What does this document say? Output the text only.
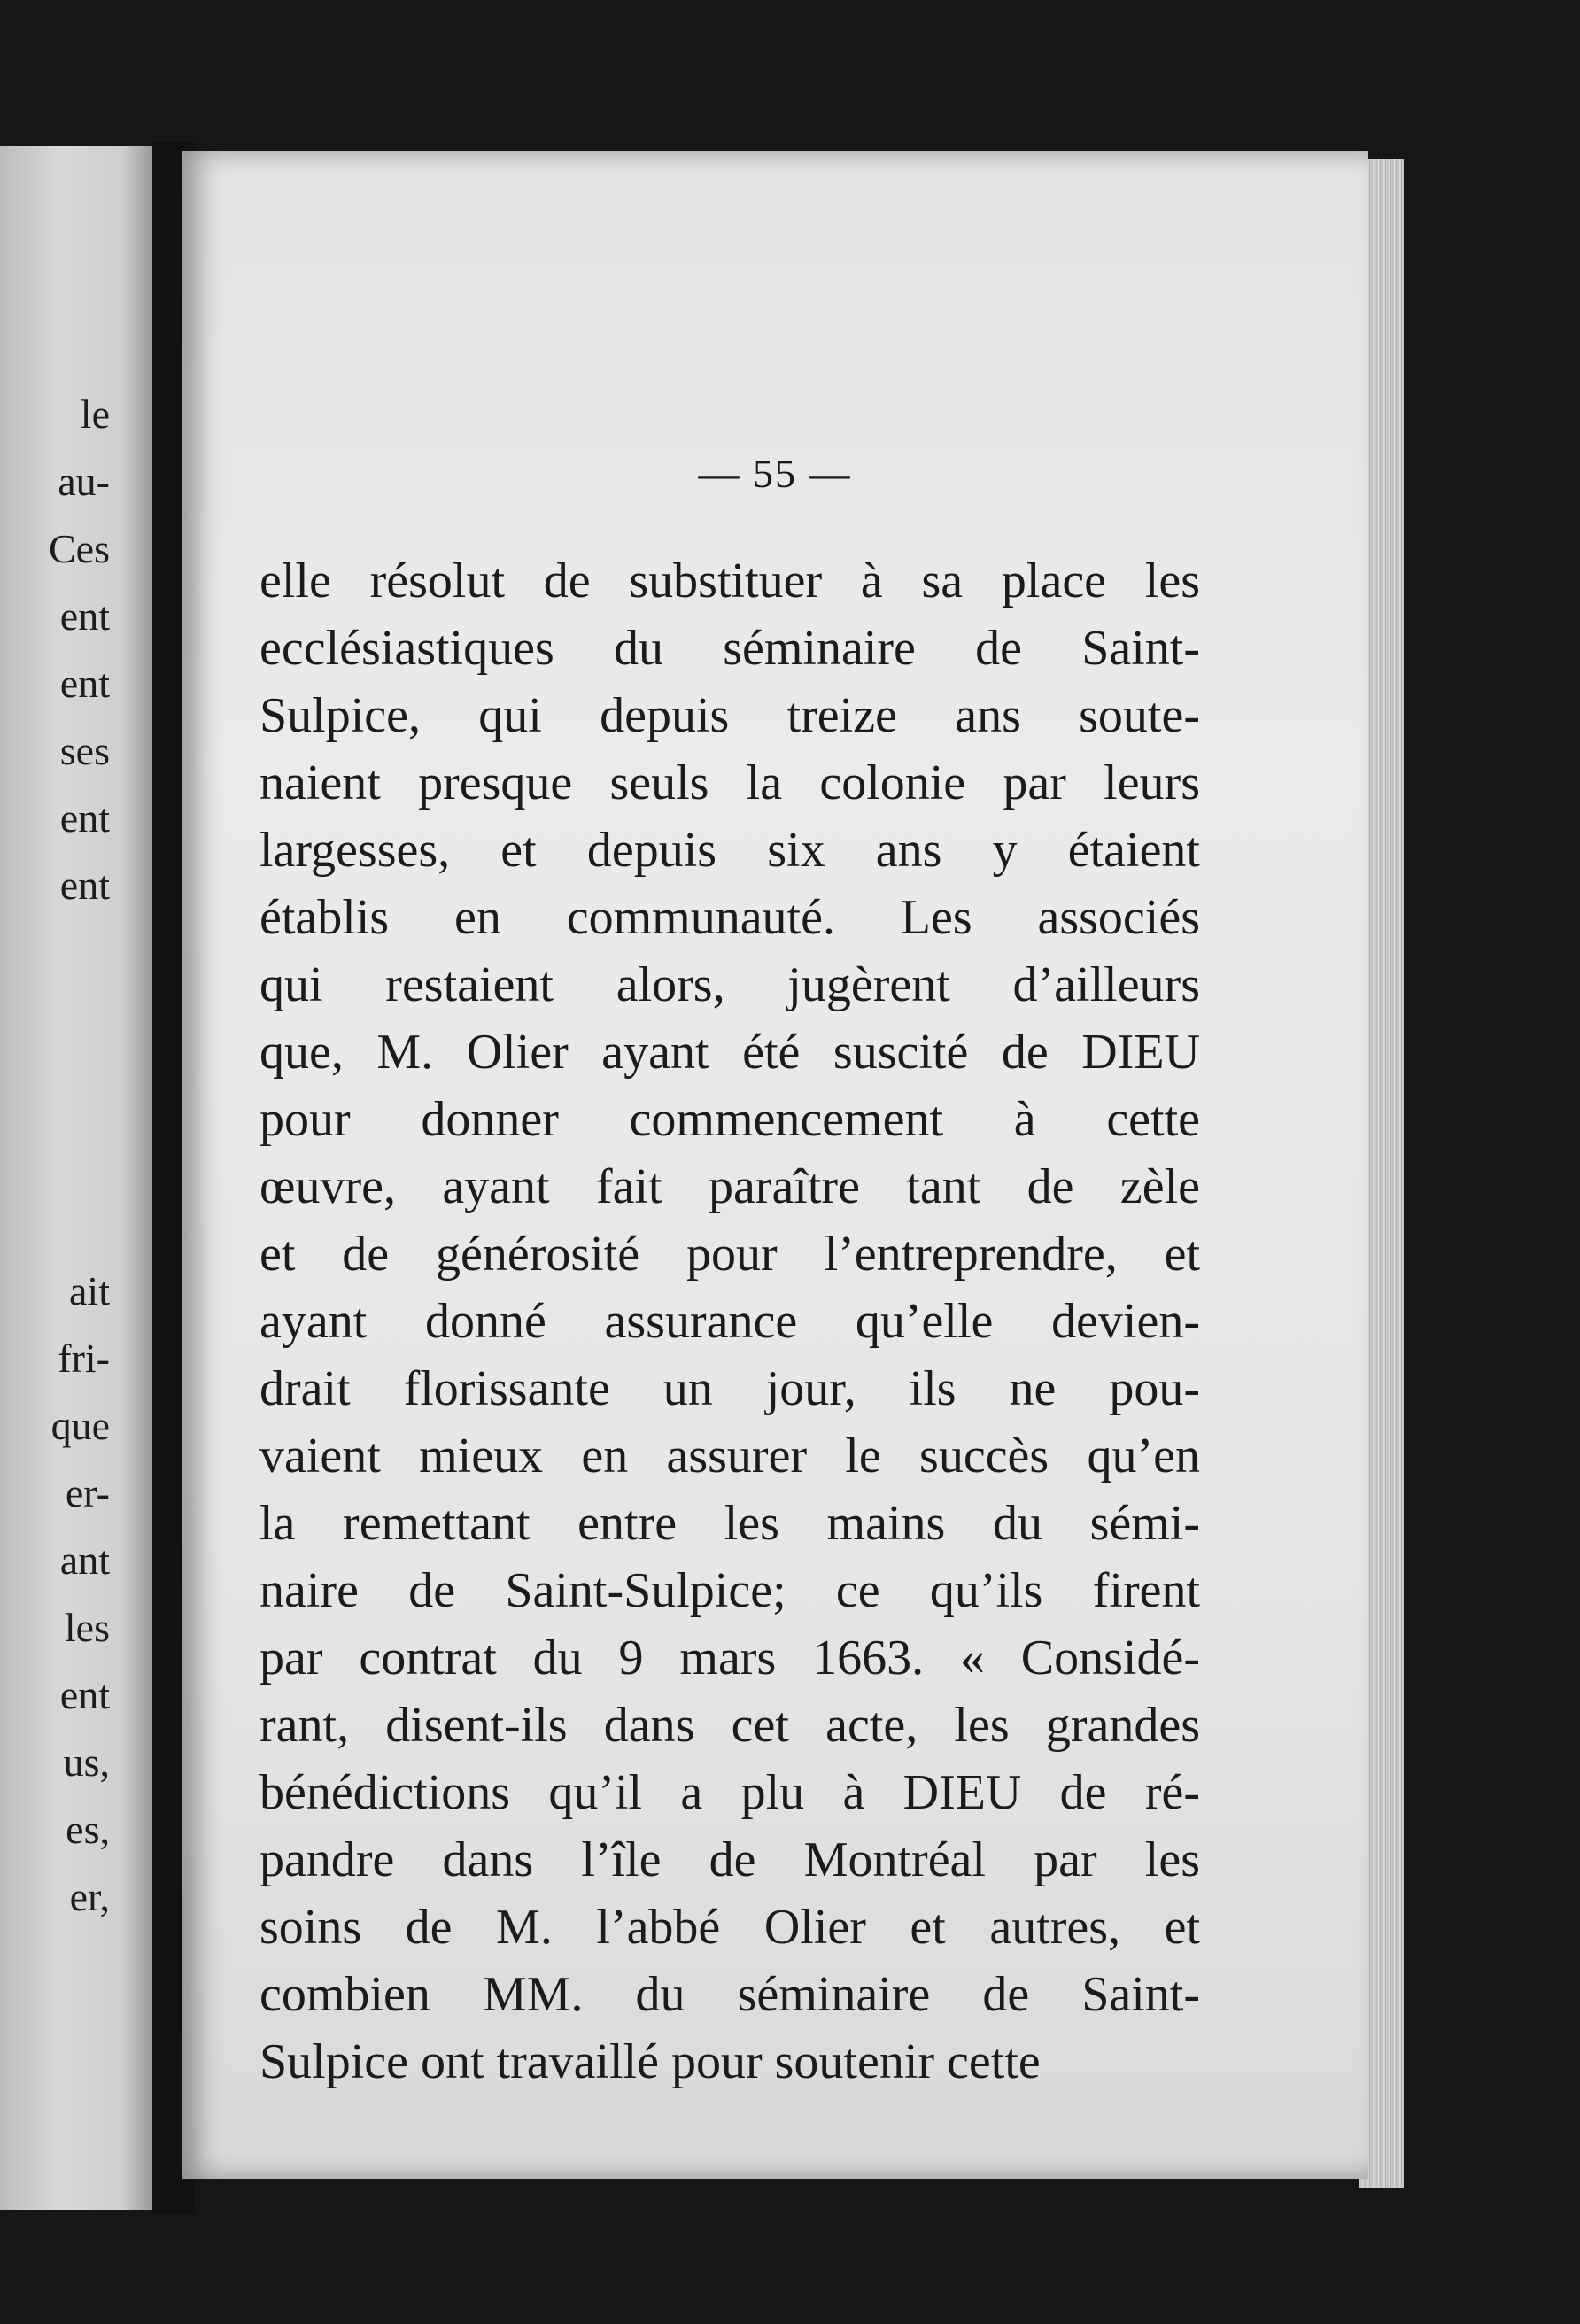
le
au-
Ces
ent
ent
ses
ent
ent
ait
fri-
que
er-
ant
les
ent
us,
es,
er,
— 55 —
elle résolut de substituer à sa place les
ecclésiastiques du séminaire de Saint-
Sulpice, qui depuis treize ans soute-
naient presque seuls la colonie par leurs
largesses, et depuis six ans y étaient
établis en communauté. Les associés
qui restaient alors, jugèrent d’ailleurs
que, M. Olier ayant été suscité de DIEU
pour donner commencement à cette
œuvre, ayant fait paraître tant de zèle
et de générosité pour l’entreprendre, et
ayant donné assurance qu’elle devien-
drait florissante un jour, ils ne pou-
vaient mieux en assurer le succès qu’en
la remettant entre les mains du sémi-
naire de Saint-Sulpice; ce qu’ils firent
par contrat du 9 mars 1663. « Considé-
rant, disent-ils dans cet acte, les grandes
bénédictions qu’il a plu à DIEU de ré-
pandre dans l’île de Montréal par les
soins de M. l’abbé Olier et autres, et
combien MM. du séminaire de Saint-
Sulpice ont travaillé pour soutenir cette
